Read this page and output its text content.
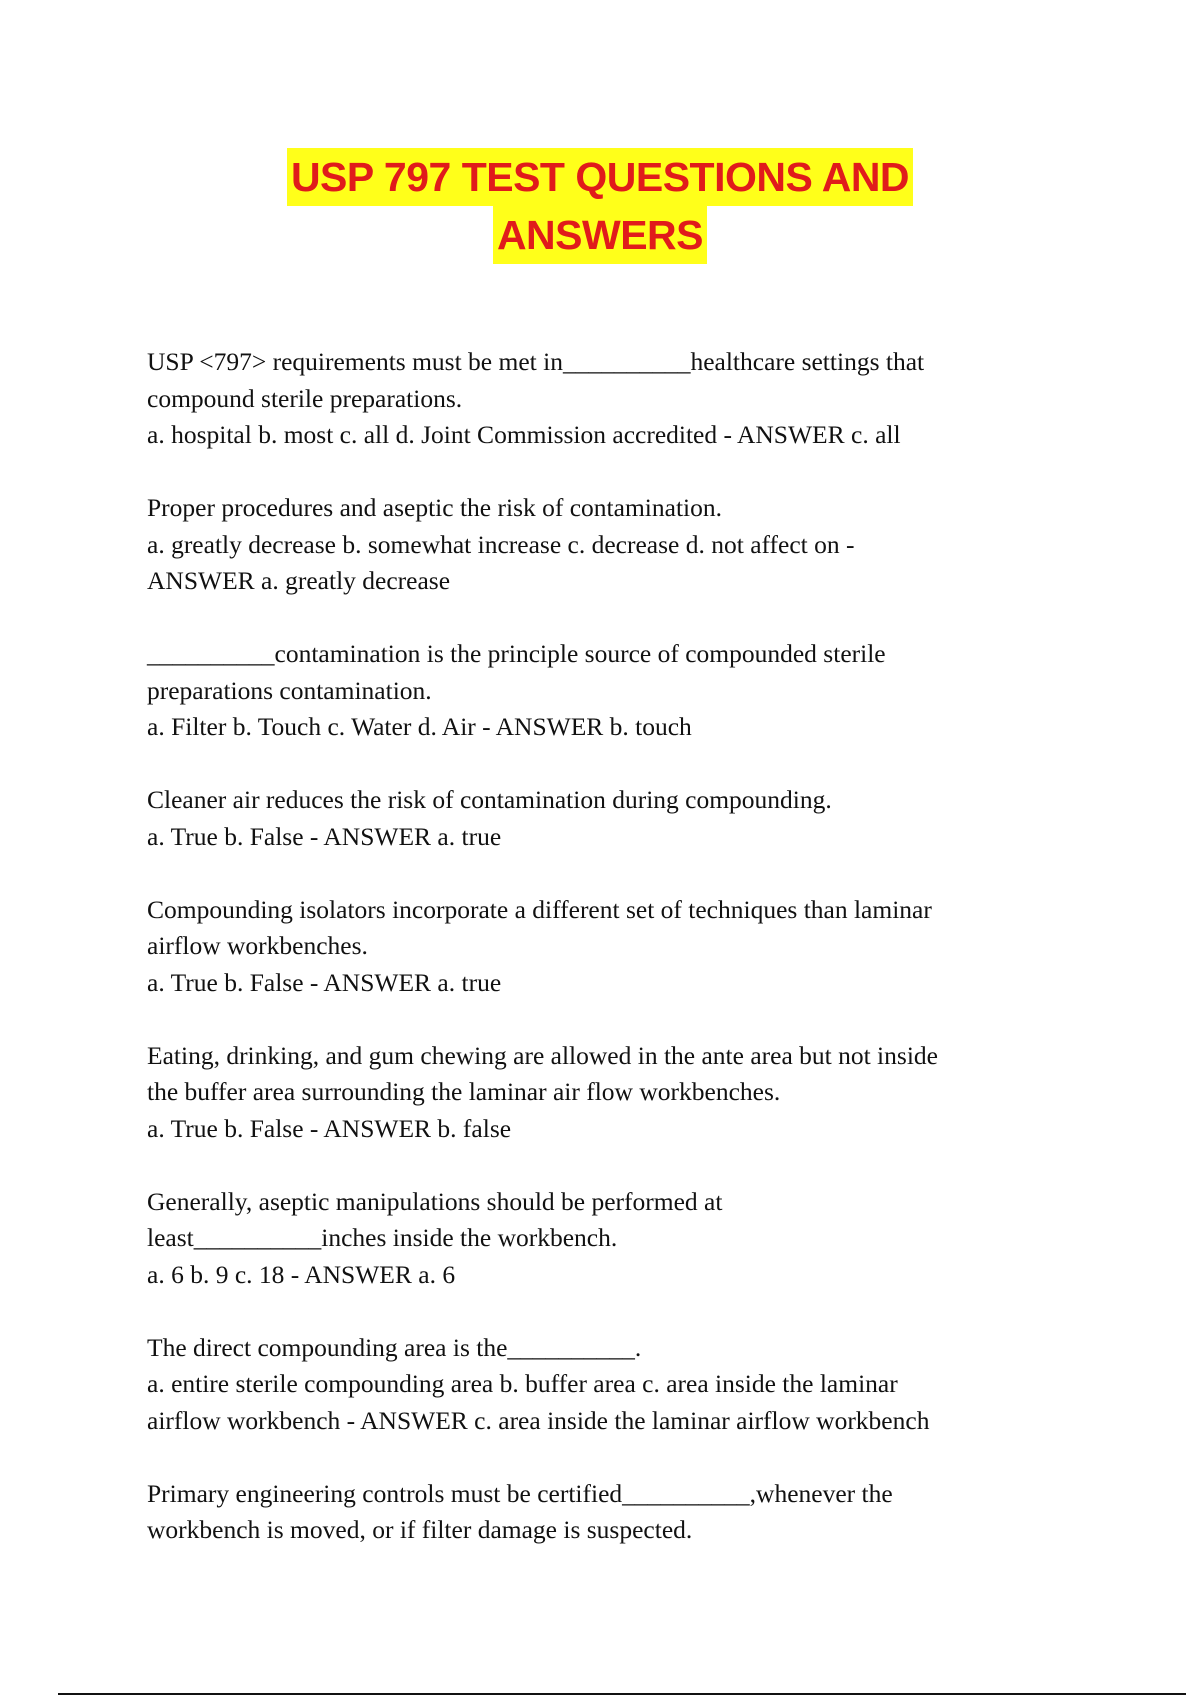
USP 797 TEST QUESTIONS AND
ANSWERS

USP <797> requirements must be met in__________healthcare settings that

compound sterile preparations.

a. hospital b. most c. all d. Joint Commission accredited - ANSWER c. all

Proper procedures and aseptic the risk of contamination.

a. greatly decrease b. somewhat increase c. decrease d. not affect on -

ANSWER a. greatly decrease

__________contamination is the principle source of compounded sterile

preparations contamination.

a. Filter b. Touch c. Water d. Air - ANSWER b. touch

Cleaner air reduces the risk of contamination during compounding.

a. True b. False - ANSWER a. true

Compounding isolators incorporate a different set of techniques than laminar

airflow workbenches.

a. True b. False - ANSWER a. true

Eating, drinking, and gum chewing are allowed in the ante area but not inside

the buffer area surrounding the laminar air flow workbenches.

a. True b. False - ANSWER b. false

Generally, aseptic manipulations should be performed at

least__________inches inside the workbench.

a. 6 b. 9 c. 18 - ANSWER a. 6

The direct compounding area is the__________.

a. entire sterile compounding area b. buffer area c. area inside the laminar

airflow workbench - ANSWER c. area inside the laminar airflow workbench

Primary engineering controls must be certified__________,whenever the

workbench is moved, or if filter damage is suspected.
